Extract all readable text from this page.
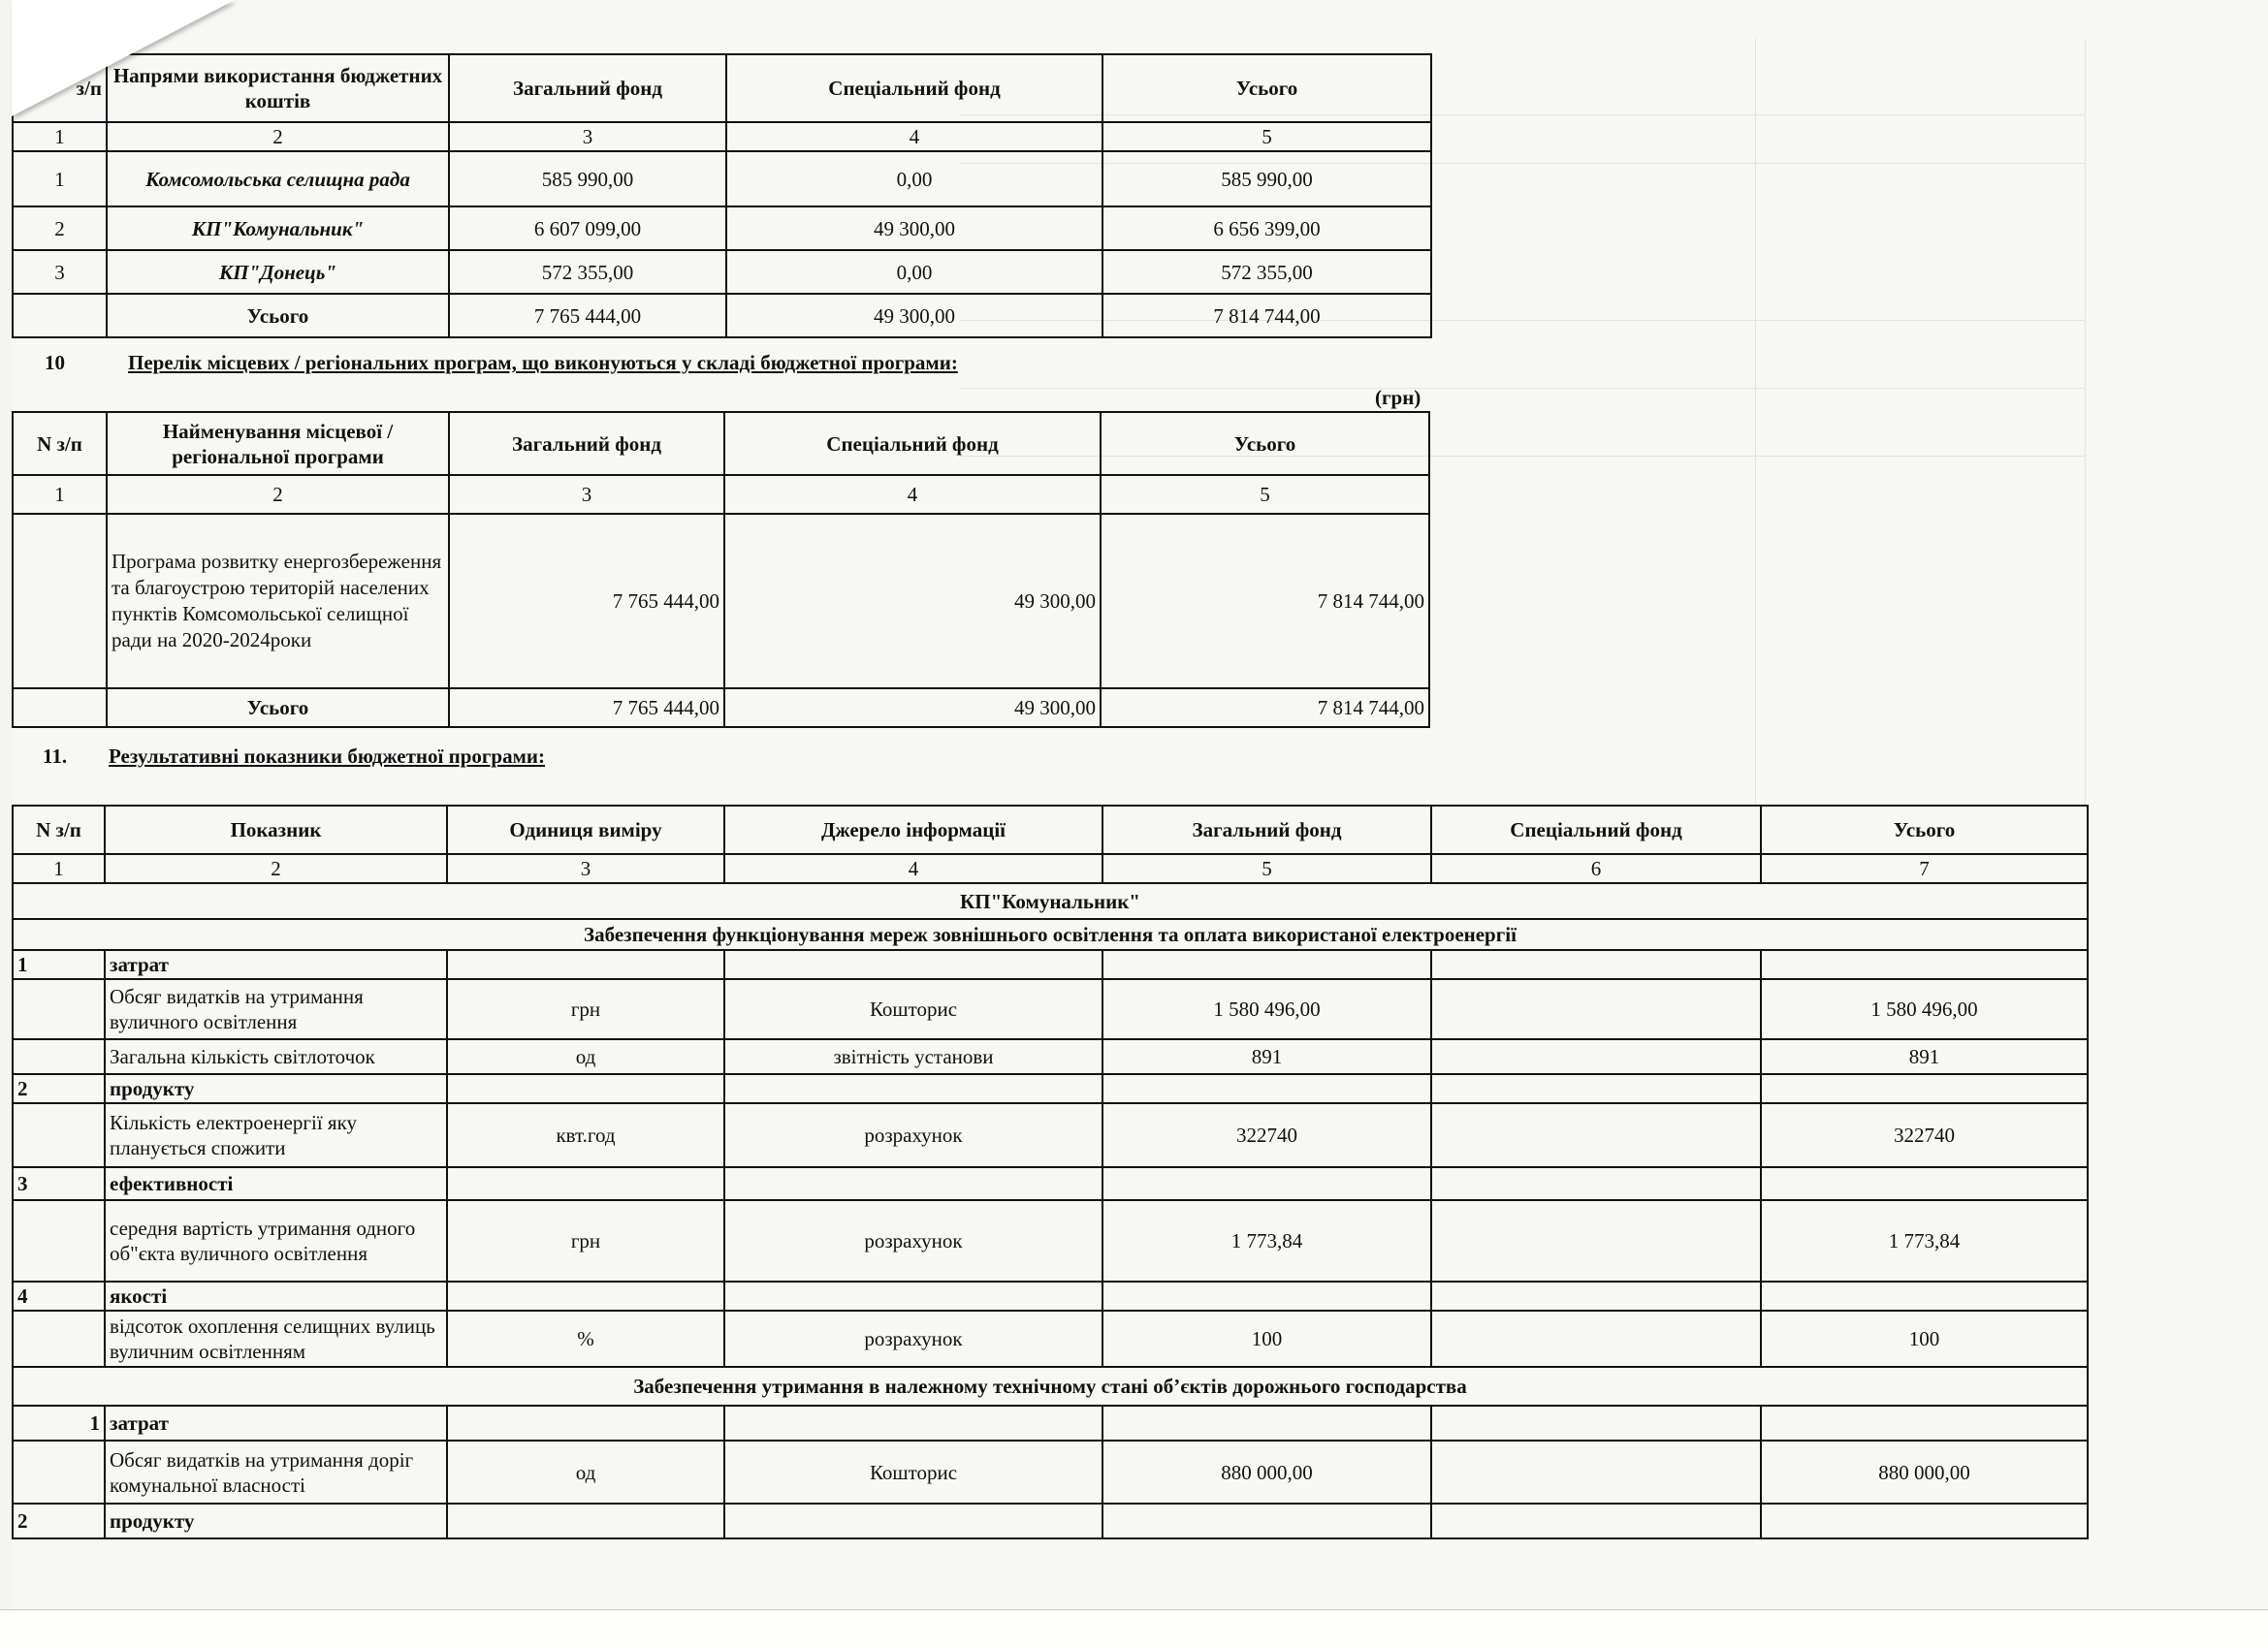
з/п	Напрями використання бюджетних коштів	Загальний фонд	Спеціальний фонд	Усього
1	2	3	4	5
1	Комсомольська селищна рада	585 990,00	0,00	585 990,00
2	КП"Комунальник"	6 607 099,00	49 300,00	6 656 399,00
3	КП"Донець"	572 355,00	0,00	572 355,00
	Усього	7 765 444,00	49 300,00	7 814 744,00
10	Перелік місцевих / регіональних програм, що виконуються у складі бюджетної програми:
(грн)
N з/п	Найменування місцевої / регіональної програми	Загальний фонд	Спеціальний фонд	Усього
1	2	3	4	5
	Програма розвитку енергозбереження та благоустрою територій населених пунктів Комсомольської селищної ради на 2020-2024роки	7 765 444,00	49 300,00	7 814 744,00
	Усього	7 765 444,00	49 300,00	7 814 744,00
11. Результативні показники бюджетної програми:
N з/п	Показник	Одиниця виміру	Джерело інформації	Загальний фонд	Спеціальний фонд	Усього
1	2	3	4	5	6	7
КП"Комунальник"						
Забезпечення функціонування мереж зовнішнього освітлення та оплата використаної електроенергії						
1	затрат					
	Обсяг видатків на утримання вуличного освітлення	грн	Кошторис	1 580 496,00		1 580 496,00
	Загальна кількість світлоточок	од	звітність установи	891		891
2	продукту					
	Кількість електроенергії яку планується спожити	квт.год	розрахунок	322740		322740
3	ефективності					
	середня вартість утримання одного об"єкта вуличного освітлення	грн	розрахунок	1 773,84		1 773,84
4	якості					
	відсоток охоплення селищних вулиць вуличним освітленням	%	розрахунок	100		100
Забезпечення утримання в належному технічному стані об’єктів дорожнього господарства						
1	затрат					
	Обсяг видатків на утримання доріг комунальної власності	од	Кошторис	880 000,00		880 000,00
2	продукту					
